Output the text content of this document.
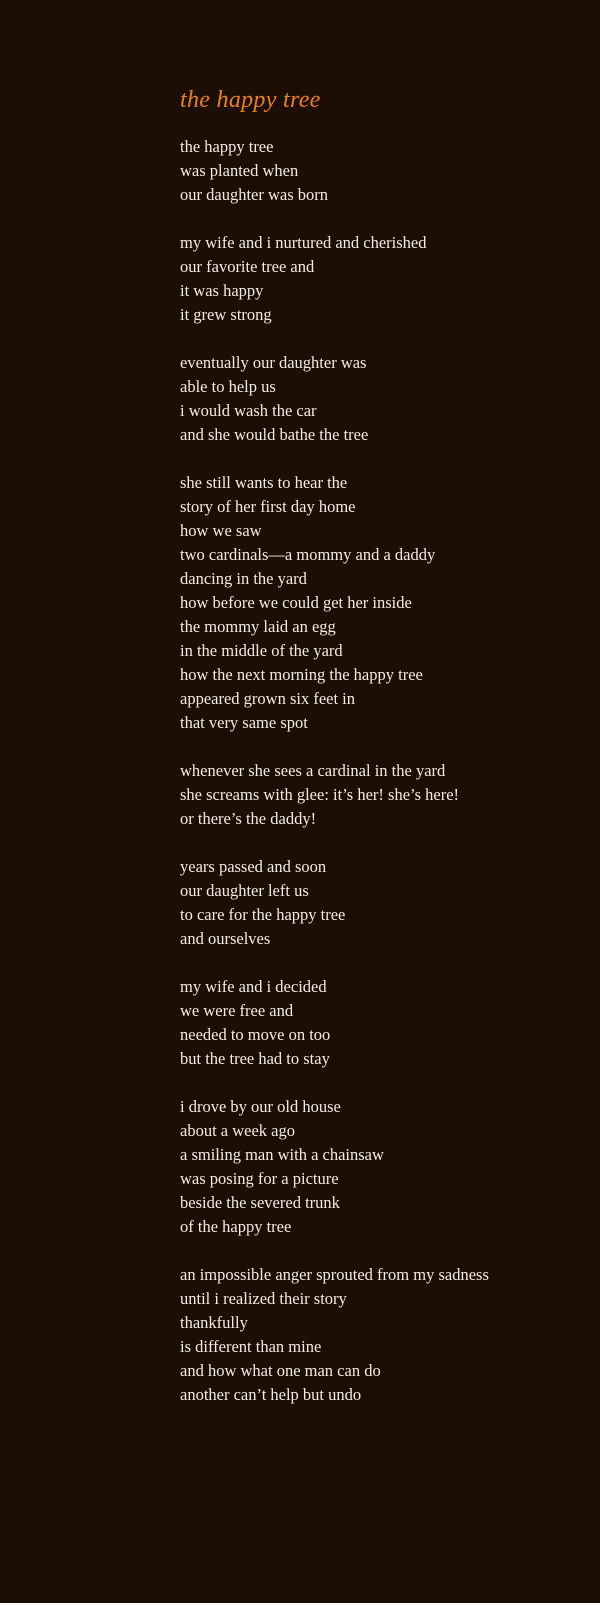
the happy tree
the happy tree
was planted when
our daughter was born
my wife and i nurtured and cherished
our favorite tree and
it was happy
it grew strong
eventually our daughter was
able to help us
i would wash the car
and she would bathe the tree
she still wants to hear the
story of her first day home
how we saw
two cardinals—a mommy and a daddy
dancing in the yard
how before we could get her inside
the mommy laid an egg
in the middle of the yard
how the next morning the happy tree
appeared grown six feet in
that very same spot
whenever she sees a cardinal in the yard
she screams with glee: it’s her! she’s here!
or there’s the daddy!
years passed and soon
our daughter left us
to care for the happy tree
and ourselves
my wife and i decided
we were free and
needed to move on too
but the tree had to stay
i drove by our old house
about a week ago
a smiling man with a chainsaw
was posing for a picture
beside the severed trunk
of the happy tree
an impossible anger sprouted from my sadness
until i realized their story
thankfully
is different than mine
and how what one man can do
another can’t help but undo
